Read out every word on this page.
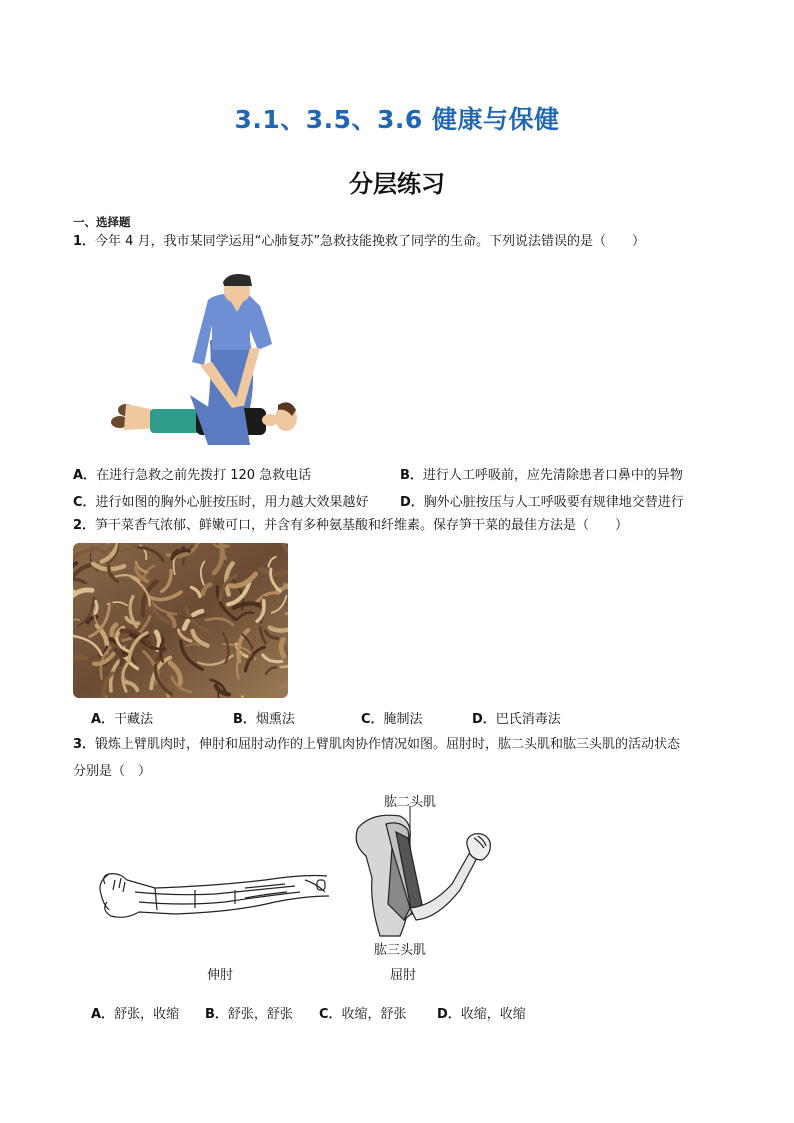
3.1、3.5、3.6 健康与保健
分层练习
一、选择题
1．今年 4 月，我市某同学运用“心肺复苏”急救技能挽救了同学的生命。下列说法错误的是（　　）
A．在进行急救之前先拨打 120 急救电话	B．进行人工呼吸前，应先清除患者口鼻中的异物
C．进行如图的胸外心脏按压时，用力越大效果越好 D．胸外心脏按压与人工呼吸要有规律地交替进行
2．笋干菜香气浓郁、鲜嫩可口，并含有多种氨基酸和纤维素。保存笋干菜的最佳方法是（　　）
A．干藏法	B．烟熏法	C．腌制法	D．巴氏消毒法
3．锻炼上臂肌肉时，伸肘和屈肘动作的上臂肌肉协作情况如图。屈肘时，肱二头肌和肱三头肌的活动状态
分别是（　）
伸肘
肱二头肌
肱三头肌
屈肘
A．舒张，收缩 B．舒张，舒张 C．收缩，舒张 D．收缩，收缩
